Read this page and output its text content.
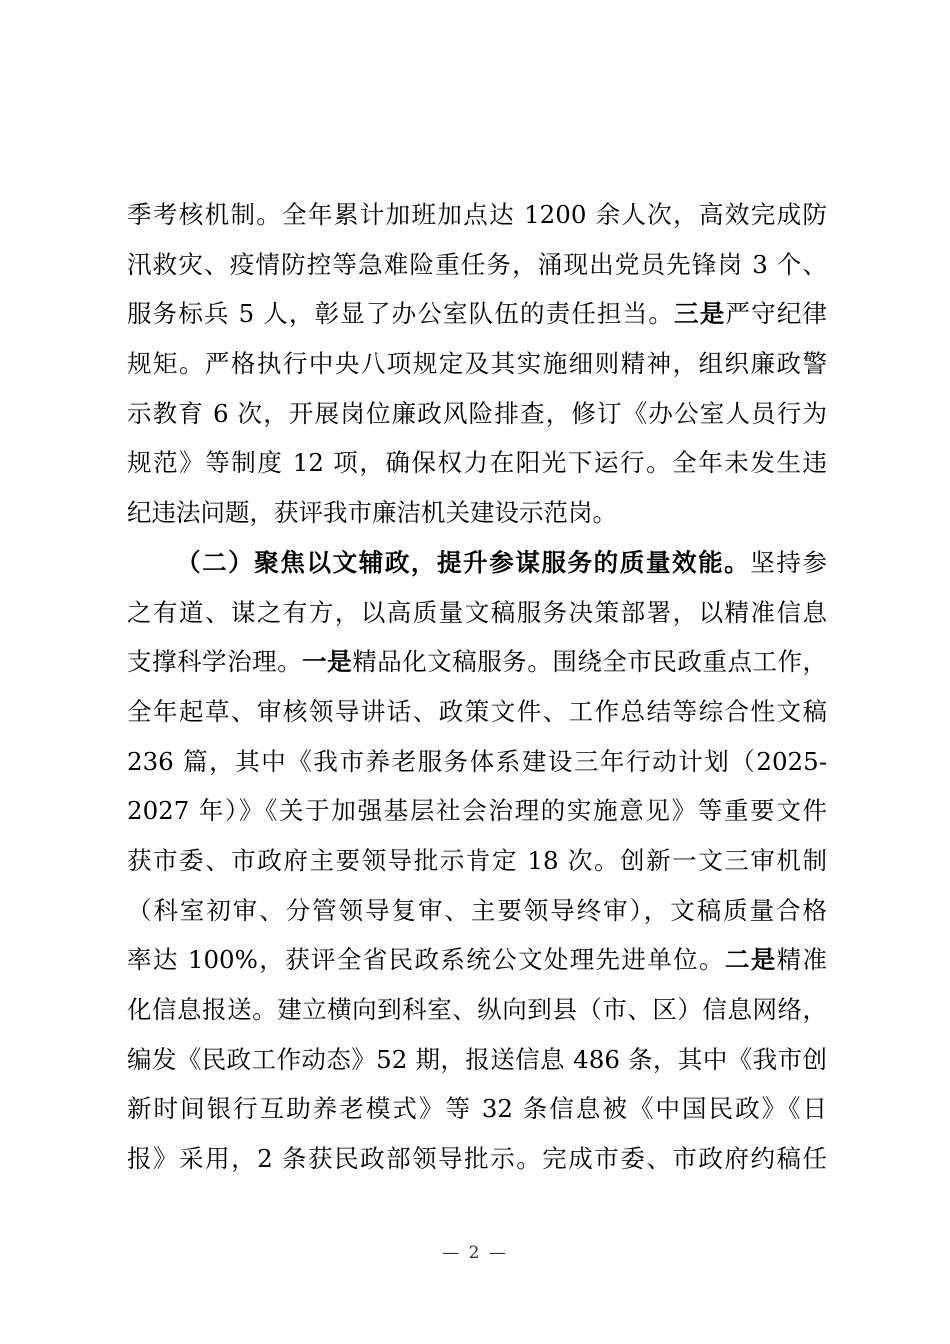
季考核机制。全年累计加班加点达 1200 余人次，高效完成防
汛救灾、疫情防控等急难险重任务，涌现出党员先锋岗 3 个、
服务标兵 5 人，彰显了办公室队伍的责任担当。三是严守纪律
规矩。严格执行中央八项规定及其实施细则精神，组织廉政警
示教育 6 次，开展岗位廉政风险排查，修订《办公室人员行为
规范》等制度 12 项，确保权力在阳光下运行。全年未发生违
纪违法问题，获评我市廉洁机关建设示范岗。
（二）聚焦以文辅政，提升参谋服务的质量效能。坚持参
之有道、谋之有方，以高质量文稿服务决策部署，以精准信息
支撑科学治理。一是精品化文稿服务。围绕全市民政重点工作，
全年起草、审核领导讲话、政策文件、工作总结等综合性文稿
236 篇，其中《我市养老服务体系建设三年行动计划（2025-
2027 年）》《关于加强基层社会治理的实施意见》等重要文件
获市委、市政府主要领导批示肯定 18 次。创新一文三审机制
（科室初审、分管领导复审、主要领导终审），文稿质量合格
率达 100%，获评全省民政系统公文处理先进单位。二是精准
化信息报送。建立横向到科室、纵向到县（市、区）信息网络，
编发《民政工作动态》52 期，报送信息 486 条，其中《我市创
新时间银行互助养老模式》等 32 条信息被《中国民政》《日
报》采用，2 条获民政部领导批示。完成市委、市政府约稿任
— 2 —
